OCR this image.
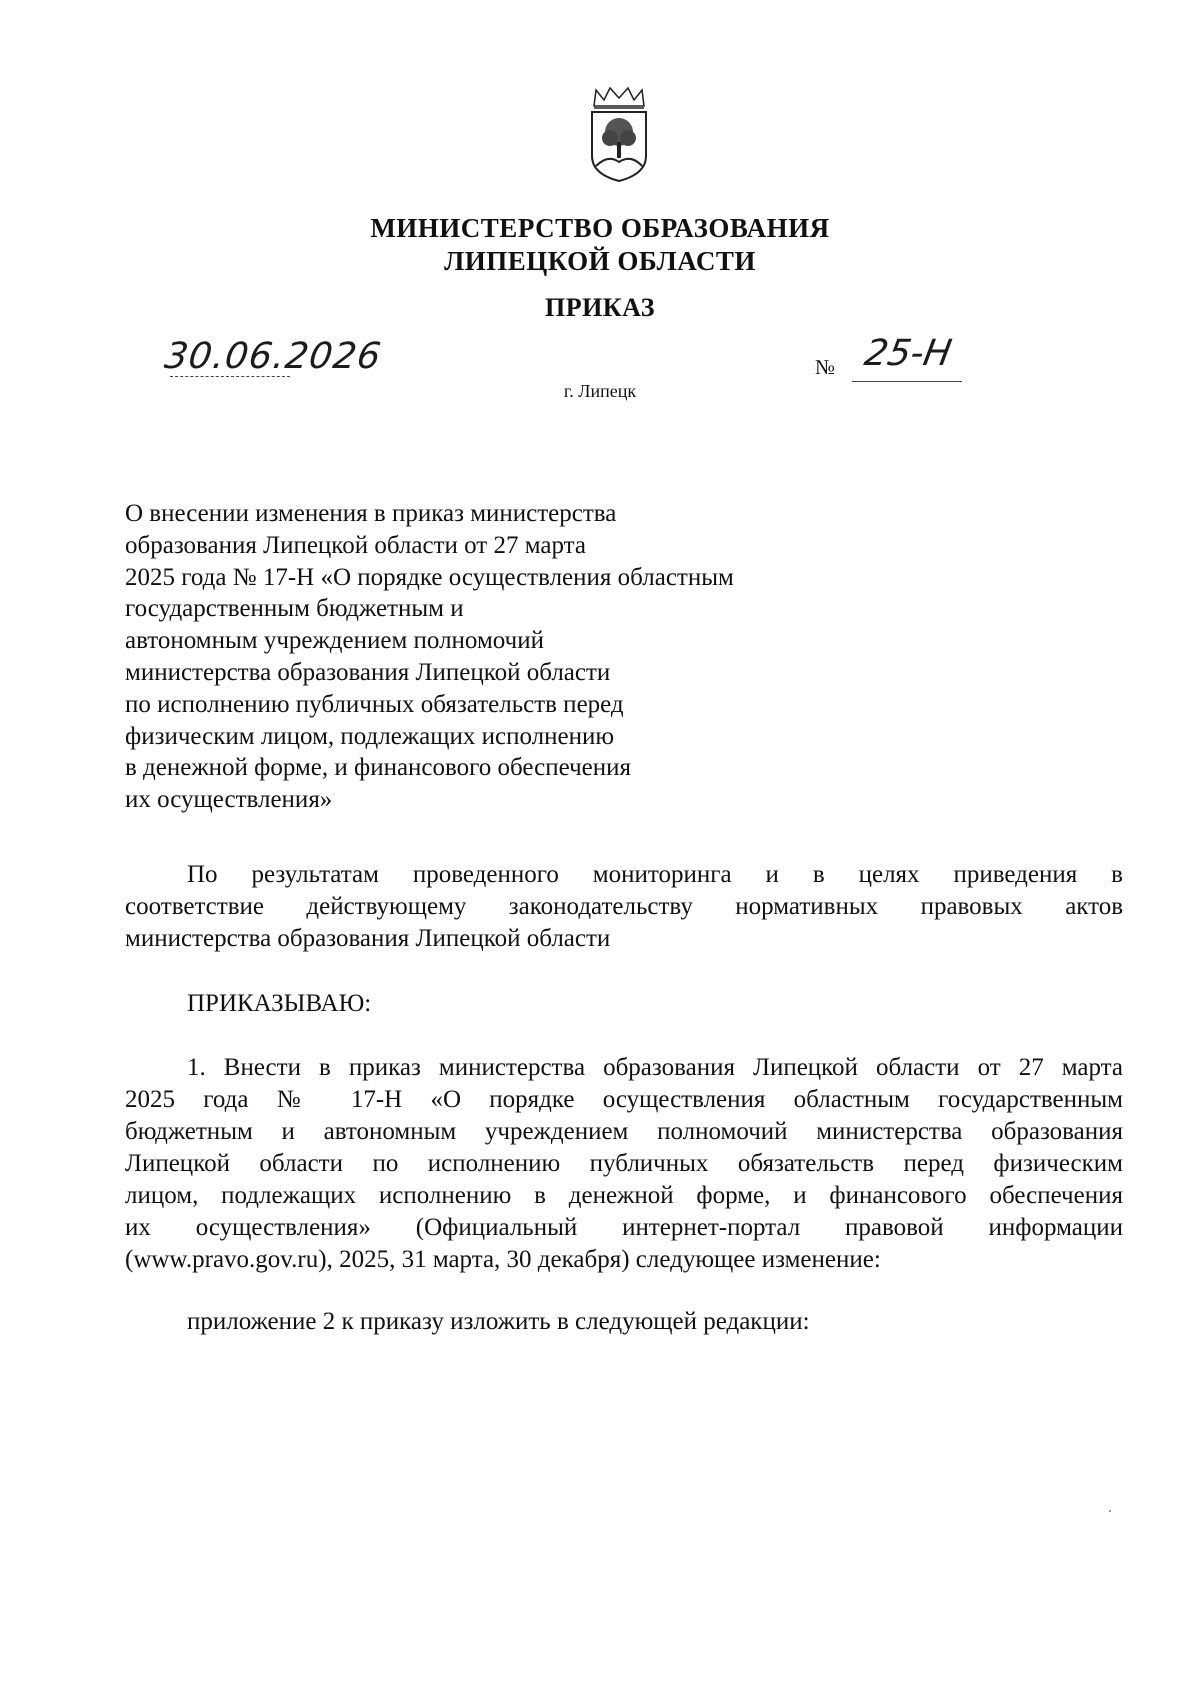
МИНИСТЕРСТВО ОБРАЗОВАНИЯ
ЛИПЕЦКОЙ ОБЛАСТИ
ПРИКАЗ
30.06.2026	№ 25-Н
г. Липецк
О внесении изменения в приказ министерства
образования Липецкой области от 27 марта
2025 года № 17-Н «О порядке осуществления областным
государственным бюджетным и
автономным учреждением полномочий
министерства образования Липецкой области
по исполнению публичных обязательств перед
физическим лицом, подлежащих исполнению
в денежной форме, и финансового обеспечения
их осуществления»
По результатам проведенного мониторинга и в целях приведения в
соответствие действующему законодательству нормативных правовых актов
министерства образования Липецкой области
ПРИКАЗЫВАЮ:
1. Внести в приказ министерства образования Липецкой области от 27 марта
2025 года № 17-Н «О порядке осуществления областным государственным
бюджетным и автономным учреждением полномочий министерства образования
Липецкой области по исполнению публичных обязательств перед физическим
лицом, подлежащих исполнению в денежной форме, и финансового обеспечения
их осуществления» (Официальный интернет-портал правовой информации
(www.pravo.gov.ru), 2025, 31 марта, 30 декабря) следующее изменение:
приложение 2 к приказу изложить в следующей редакции:
